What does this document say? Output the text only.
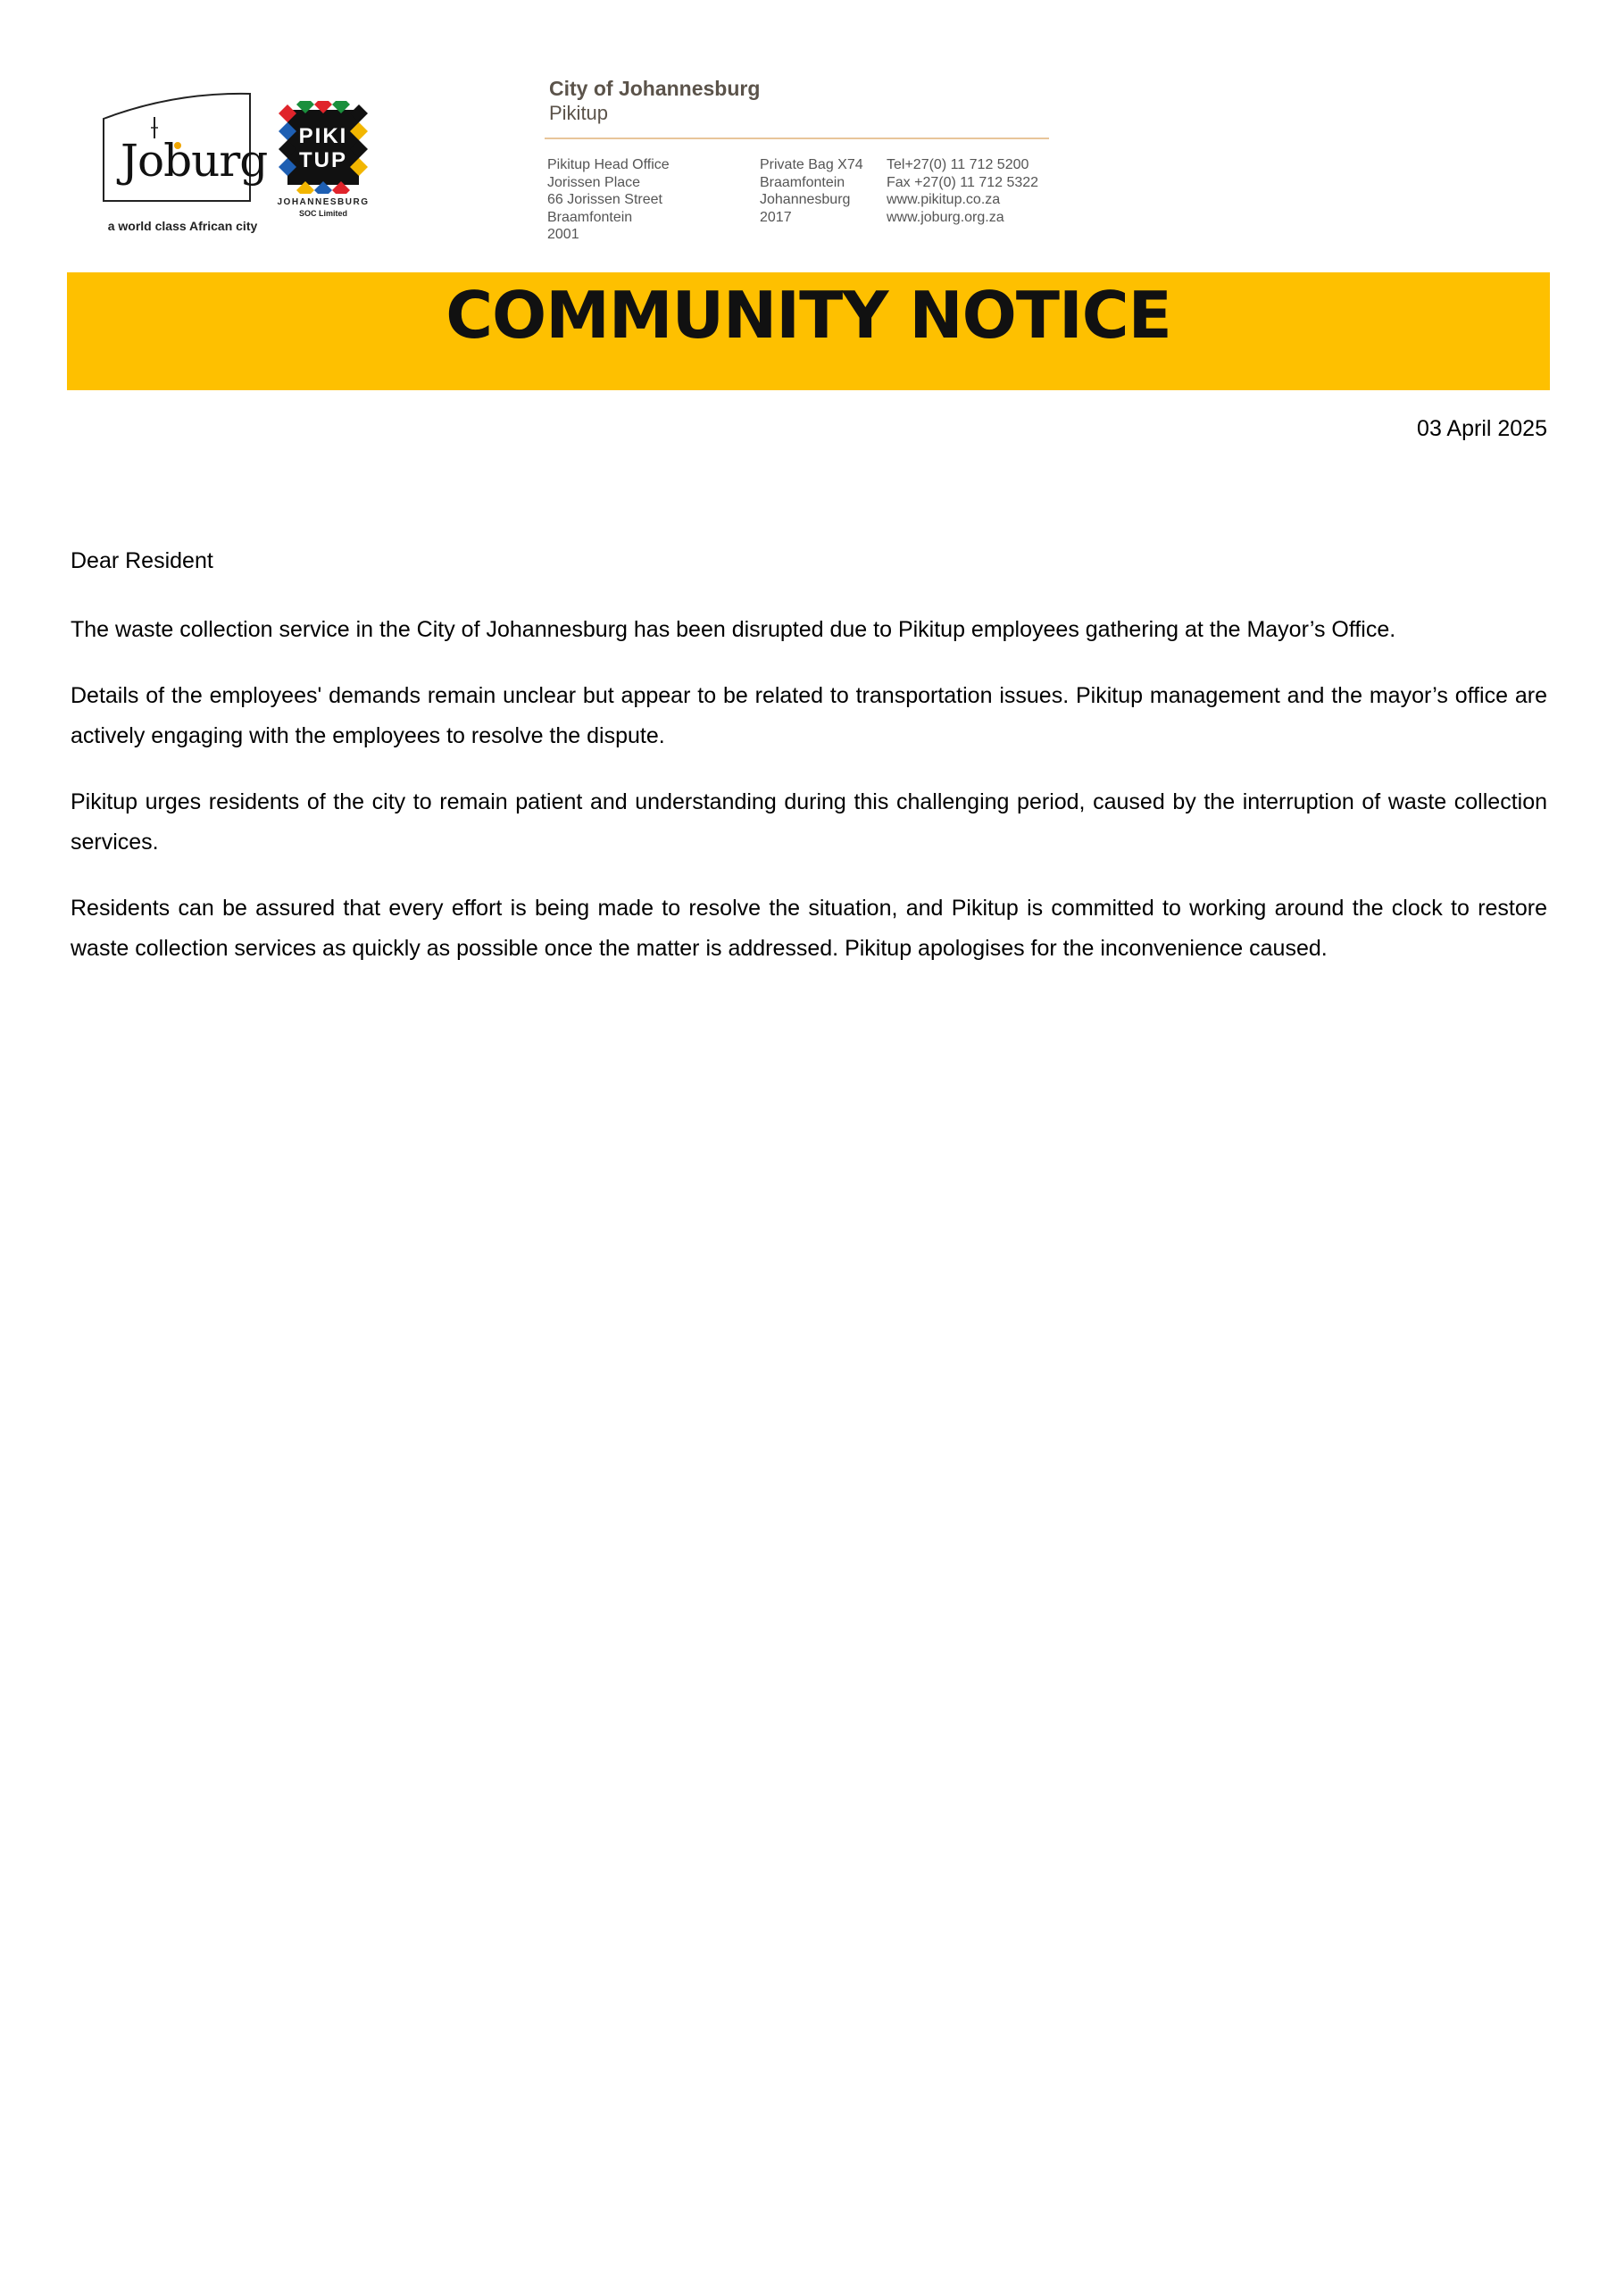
Joburg
a world class African city
PIKI
TUP
JOHANNESBURG
SOC Limited
City of Johannesburg
Pikitup
Pikitup Head Office
Jorissen Place
66 Jorissen Street
Braamfontein
2001
Private Bag X74
Braamfontein
Johannesburg
2017
Tel+27(0) 11 712 5200
Fax +27(0) 11 712 5322
www.pikitup.co.za
www.joburg.org.za
COMMUNITY NOTICE
03 April 2025
Dear Resident

The waste collection service in the City of Johannesburg has been disrupted due to Pikitup employees gathering at the Mayor’s Office.

Details of the employees' demands remain unclear but appear to be related to transportation issues. Pikitup management and the mayor’s office are actively engaging with the employees to resolve the dispute.

Pikitup urges residents of the city to remain patient and understanding during this challenging period, caused by the interruption of waste collection services.

Residents can be assured that every effort is being made to resolve the situation, and Pikitup is committed to working around the clock to restore waste collection services as quickly as possible once the matter is addressed. Pikitup apologises for the inconvenience caused.
